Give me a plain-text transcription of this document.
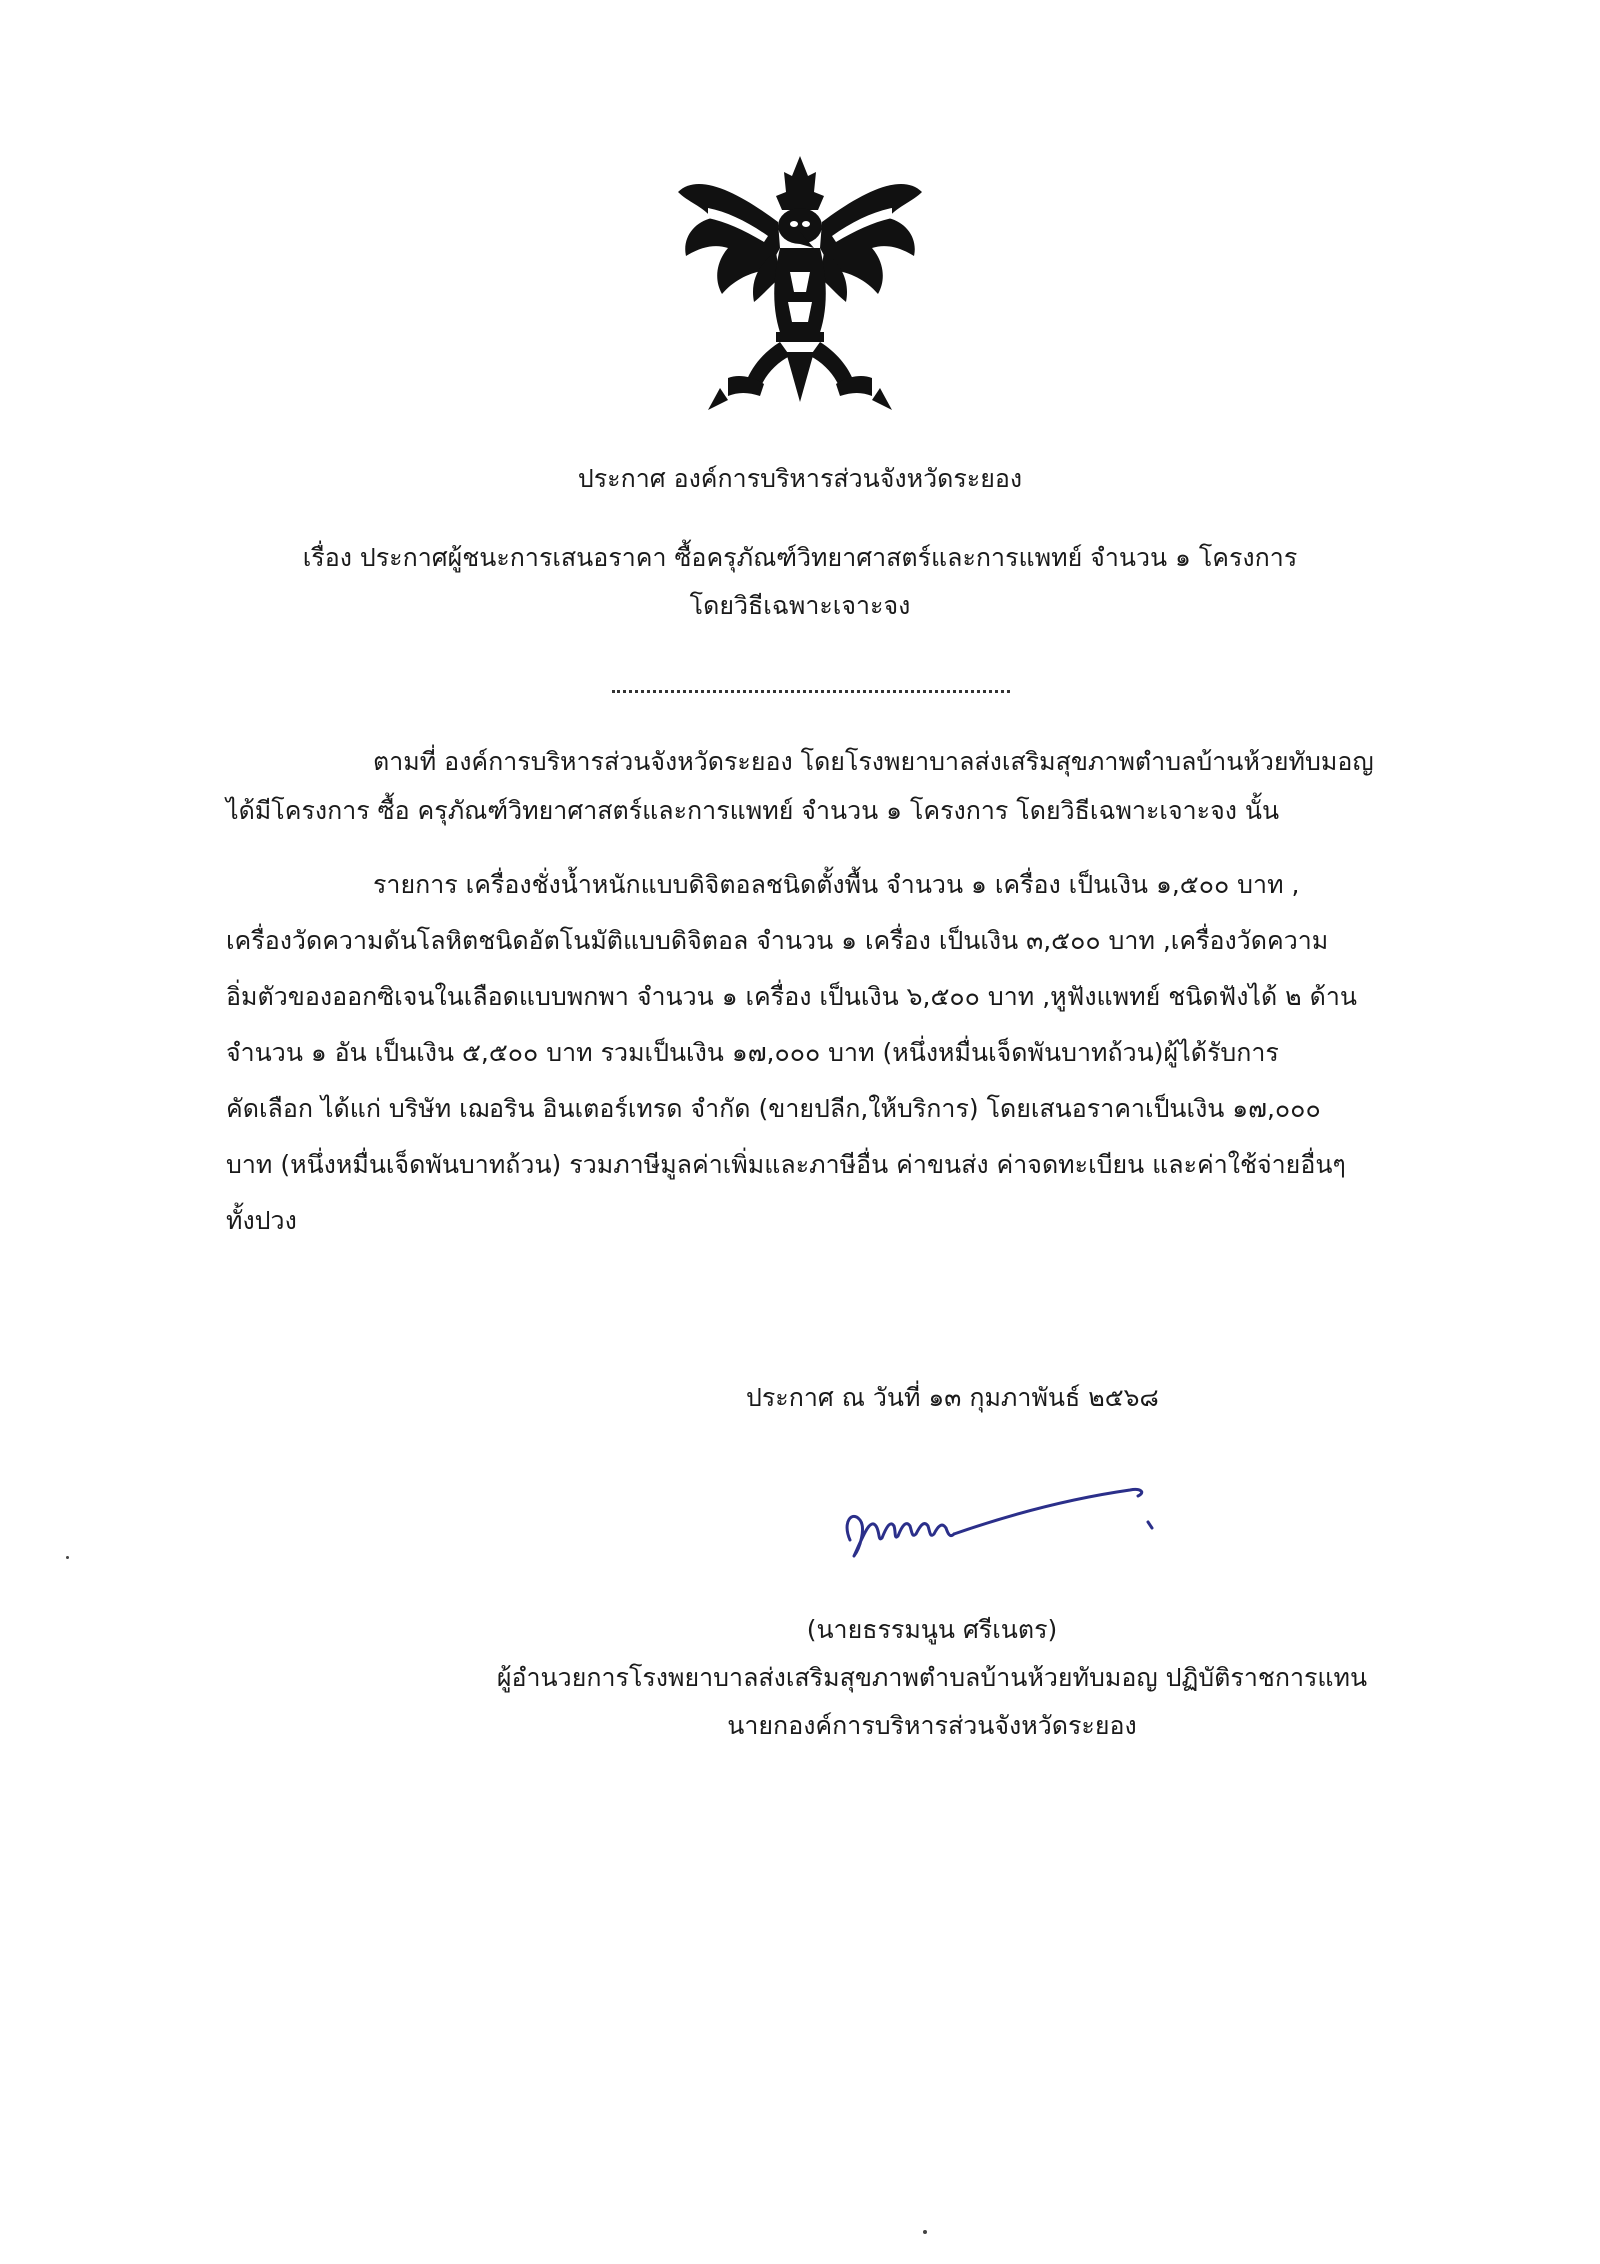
ประกาศ องค์การบริหารส่วนจังหวัดระยอง
เรื่อง ประกาศผู้ชนะการเสนอราคา ซื้อครุภัณฑ์วิทยาศาสตร์และการแพทย์ จำนวน ๑ โครงการ
โดยวิธีเฉพาะเจาะจง
ตามที่ องค์การบริหารส่วนจังหวัดระยอง โดยโรงพยาบาลส่งเสริมสุขภาพตำบลบ้านห้วยทับมอญ
ได้มีโครงการ ซื้อ ครุภัณฑ์วิทยาศาสตร์และการแพทย์ จำนวน ๑ โครงการ โดยวิธีเฉพาะเจาะจง นั้น
รายการ เครื่องชั่งน้ำหนักแบบดิจิตอลชนิดตั้งพื้น จำนวน ๑ เครื่อง เป็นเงิน ๑,๕๐๐ บาท ,
เครื่องวัดความดันโลหิตชนิดอัตโนมัติแบบดิจิตอล จำนวน ๑ เครื่อง เป็นเงิน ๓,๕๐๐ บาท ,เครื่องวัดความ
อิ่มตัวของออกซิเจนในเลือดแบบพกพา จำนวน ๑ เครื่อง เป็นเงิน ๖,๕๐๐ บาท ,หูฟังแพทย์ ชนิดฟังได้ ๒ ด้าน
จำนวน ๑ อัน เป็นเงิน ๕,๕๐๐ บาท รวมเป็นเงิน ๑๗,๐๐๐ บาท (หนึ่งหมื่นเจ็ดพันบาทถ้วน)ผู้ได้รับการ
คัดเลือก ได้แก่ บริษัท เฌอริน อินเตอร์เทรด จำกัด (ขายปลีก,ให้บริการ) โดยเสนอราคาเป็นเงิน ๑๗,๐๐๐
บาท (หนึ่งหมื่นเจ็ดพันบาทถ้วน) รวมภาษีมูลค่าเพิ่มและภาษีอื่น ค่าขนส่ง ค่าจดทะเบียน และค่าใช้จ่ายอื่นๆ
ทั้งปวง
ประกาศ ณ วันที่ ๑๓ กุมภาพันธ์ ๒๕๖๘
(นายธรรมนูน ศรีเนตร)
ผู้อำนวยการโรงพยาบาลส่งเสริมสุขภาพตำบลบ้านห้วยทับมอญ ปฏิบัติราชการแทน
นายกองค์การบริหารส่วนจังหวัดระยอง
